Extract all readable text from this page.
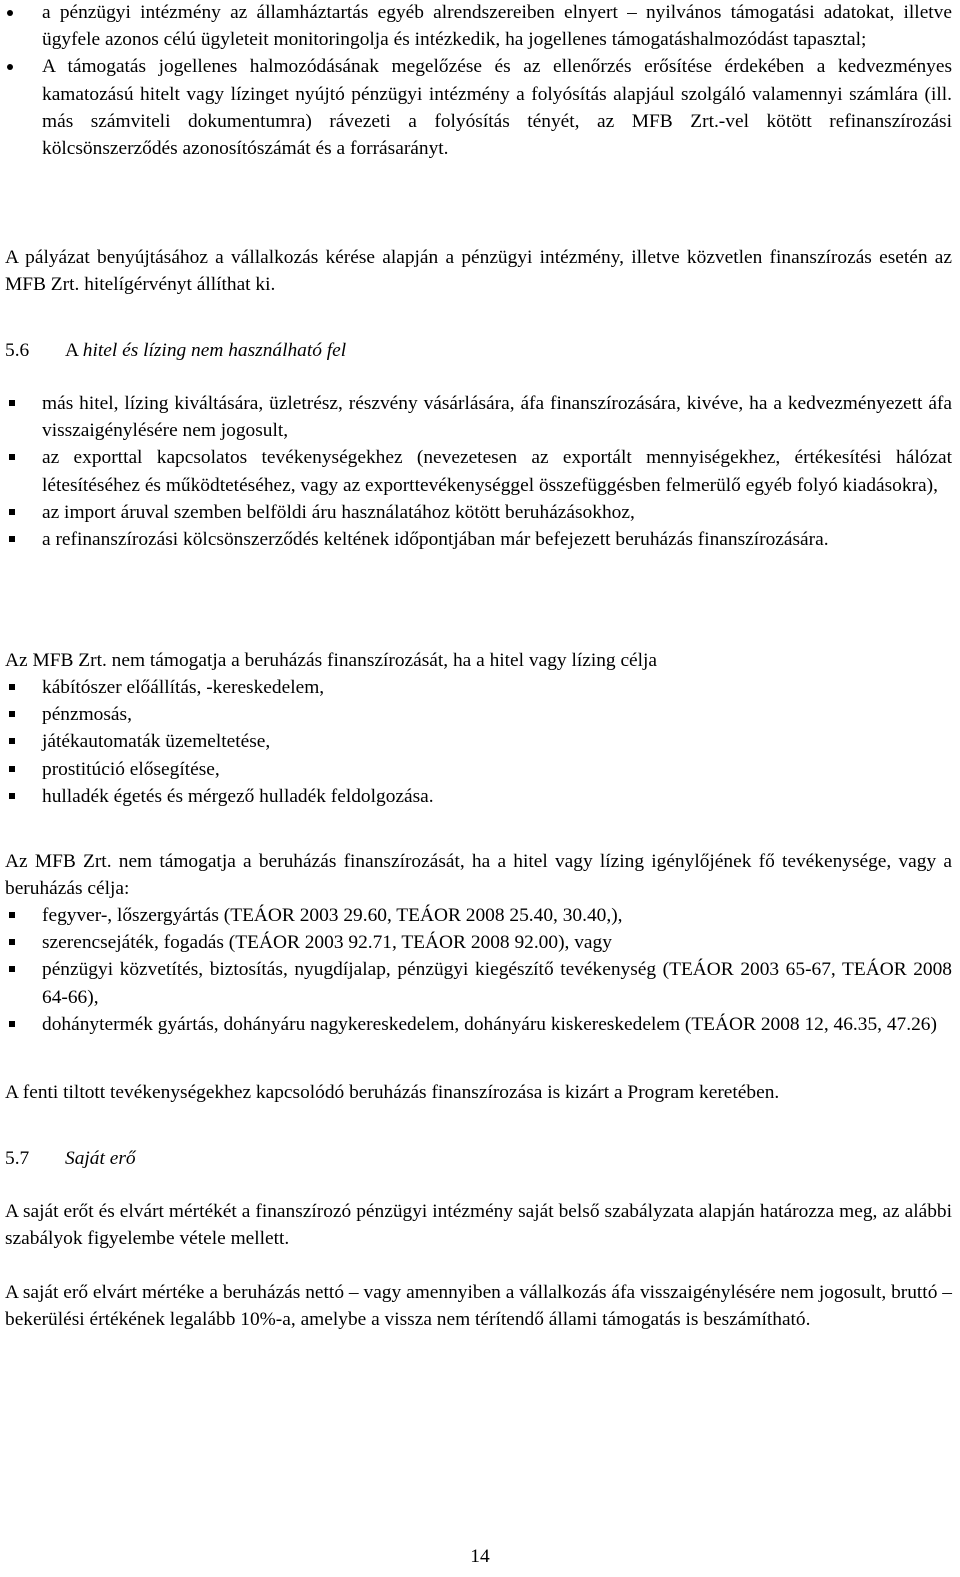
a pénzügyi intézmény az államháztartás egyéb alrendszereiben elnyert – nyilvános támogatási adatokat, illetve ügyfele azonos célú ügyleteit monitoringolja és intézkedik, ha jogellenes támogatáshalmozódást tapasztal;
A támogatás jogellenes halmozódásának megelőzése és az ellenőrzés erősítése érdekében a kedvezményes kamatozású hitelt vagy lízinget nyújtó pénzügyi intézmény a folyósítás alapjául szolgáló valamennyi számlára (ill. más számviteli dokumentumra) rávezeti a folyósítás tényét, az MFB Zrt.-vel kötött refinanszírozási kölcsönszerződés azonosítószámát és a forrásarányt.

A pályázat benyújtásához a vállalkozás kérése alapján a pénzügyi intézmény, illetve közvetlen finanszírozás esetén az MFB Zrt. hitelígérvényt állíthat ki.

5.6 A hitel és lízing nem használható fel
más hitel, lízing kiváltására, üzletrész, részvény vásárlására, áfa finanszírozására, kivéve, ha a kedvezményezett áfa visszaigénylésére nem jogosult,
az exporttal kapcsolatos tevékenységekhez (nevezetesen az exportált mennyiségekhez, értékesítési hálózat létesítéséhez és működtetéséhez, vagy az exporttevékenységgel összefüggésben felmerülő egyéb folyó kiadásokra),
az import áruval szemben belföldi áru használatához kötött beruházásokhoz,
a refinanszírozási kölcsönszerződés keltének időpontjában már befejezett beruházás finanszírozására.

Az MFB Zrt. nem támogatja a beruházás finanszírozását, ha a hitel vagy lízing célja

kábítószer előállítás, -kereskedelem,
pénzmosás,
játékautomaták üzemeltetése,
prostitúció elősegítése,
hulladék égetés és mérgező hulladék feldolgozása.

Az MFB Zrt. nem támogatja a beruházás finanszírozását, ha a hitel vagy lízing igénylőjének fő tevékenysége, vagy a beruházás célja:

fegyver-, lőszergyártás (TEÁOR 2003 29.60, TEÁOR 2008 25.40, 30.40,),
szerencsejáték, fogadás (TEÁOR 2003 92.71, TEÁOR 2008 92.00), vagy
pénzügyi közvetítés, biztosítás, nyugdíjalap, pénzügyi kiegészítő tevékenység (TEÁOR 2003 65-67, TEÁOR 2008 64-66),
dohánytermék gyártás, dohányáru nagykereskedelem, dohányáru kiskereskedelem (TEÁOR 2008 12, 46.35, 47.26)

A fenti tiltott tevékenységekhez kapcsolódó beruházás finanszírozása is kizárt a Program keretében.

5.7 Saját erő

A saját erőt és elvárt mértékét a finanszírozó pénzügyi intézmény saját belső szabályzata alapján határozza meg, az alábbi szabályok figyelembe vétele mellett.

A saját erő elvárt mértéke a beruházás nettó – vagy amennyiben a vállalkozás áfa visszaigénylésére nem jogosult, bruttó – bekerülési értékének legalább 10%-a, amelybe a vissza nem térítendő állami támogatás is beszámítható.

14
